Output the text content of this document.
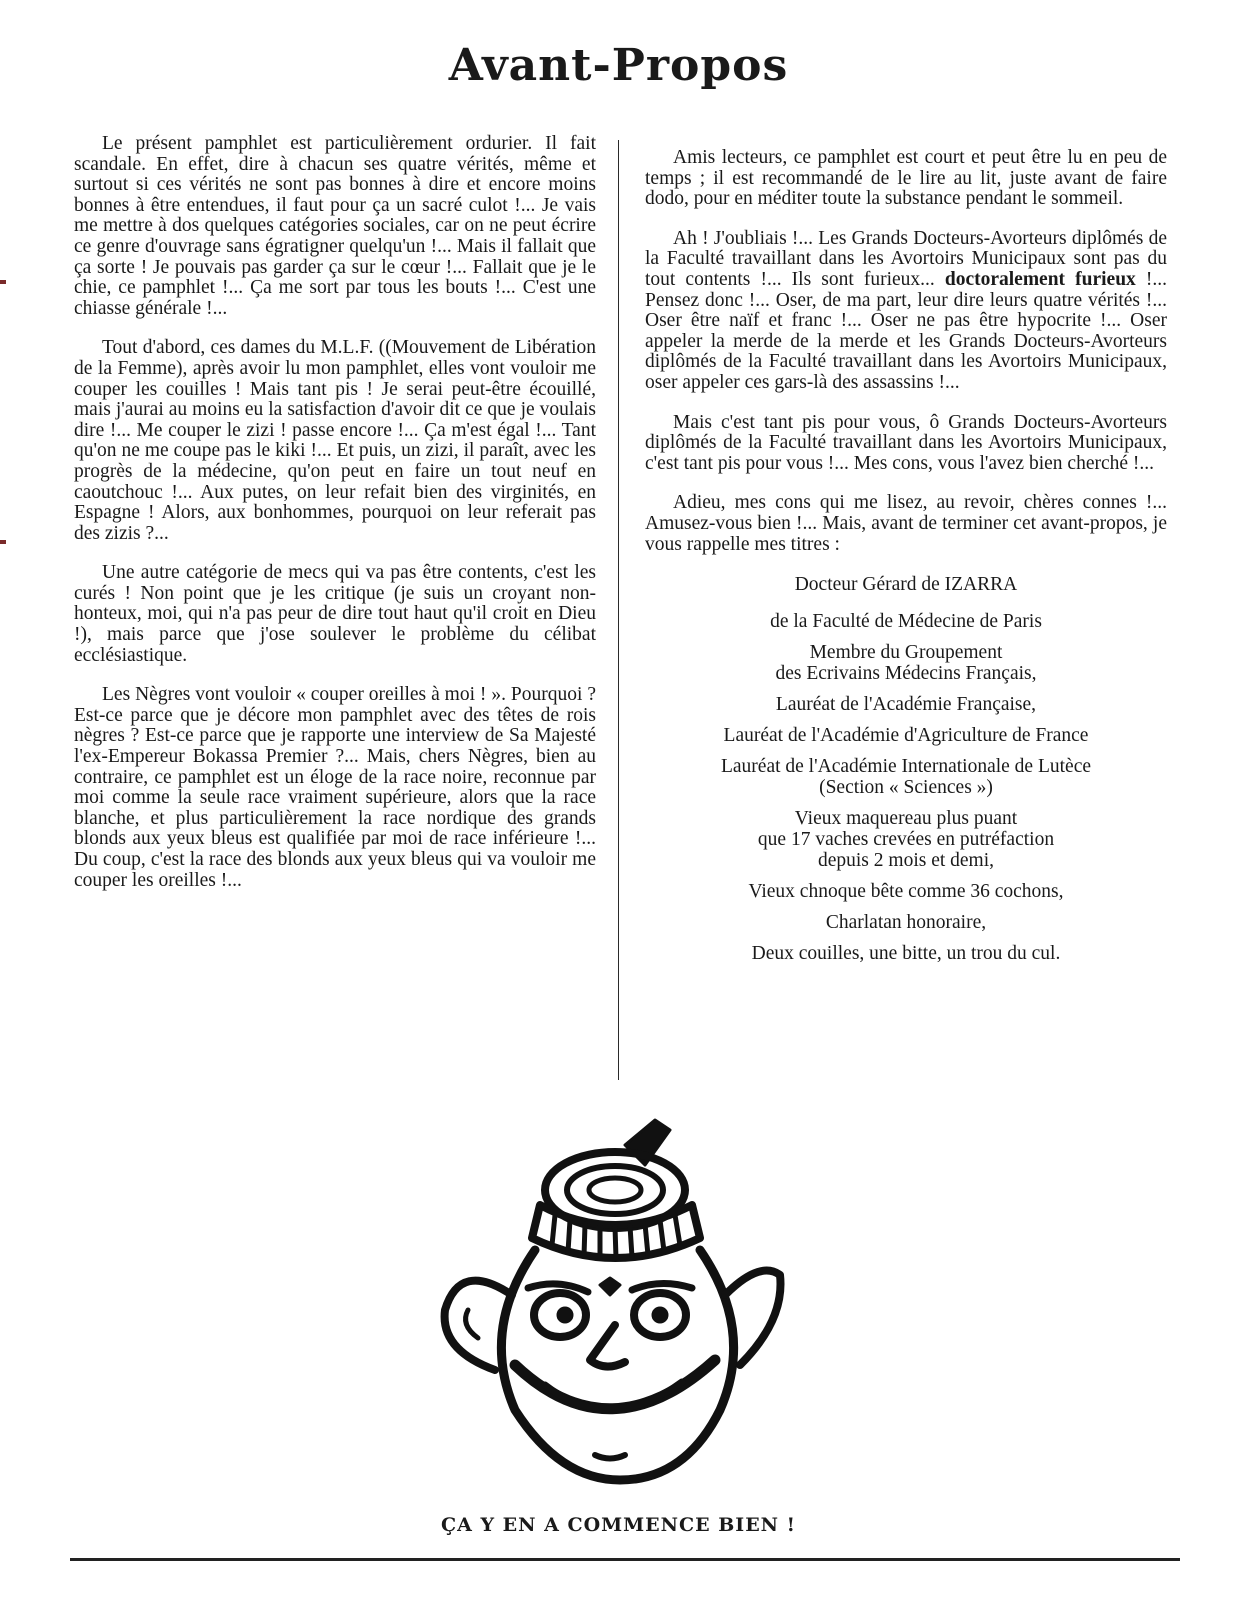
Avant-Propos

Le présent pamphlet est particulièrement ordurier. Il fait scandale. En effet, dire à chacun ses quatre vérités, même et surtout si ces vérités ne sont pas bonnes à dire et encore moins bonnes à être entendues, il faut pour ça un sacré culot !... Je vais me mettre à dos quelques catégories sociales, car on ne peut écrire ce genre d'ouvrage sans égratigner quelqu'un !... Mais il fallait que ça sorte ! Je pouvais pas garder ça sur le cœur !... Fallait que je le chie, ce pamphlet !... Ça me sort par tous les bouts !... C'est une chiasse générale !...

Tout d'abord, ces dames du M.L.F. ((Mouvement de Libération de la Femme), après avoir lu mon pamphlet, elles vont vouloir me couper les couilles ! Mais tant pis ! Je serai peut-être écouillé, mais j'aurai au moins eu la satisfaction d'avoir dit ce que je voulais dire !... Me couper le zizi ! passe encore !... Ça m'est égal !... Tant qu'on ne me coupe pas le kiki !... Et puis, un zizi, il paraît, avec les progrès de la médecine, qu'on peut en faire un tout neuf en caoutchouc !... Aux putes, on leur refait bien des virginités, en Espagne ! Alors, aux bonhommes, pourquoi on leur referait pas des zizis ?...

Une autre catégorie de mecs qui va pas être contents, c'est les curés ! Non point que je les critique (je suis un croyant non-honteux, moi, qui n'a pas peur de dire tout haut qu'il croit en Dieu !), mais parce que j'ose soulever le problème du célibat ecclésiastique.

Les Nègres vont vouloir « couper oreilles à moi ! ». Pourquoi ? Est-ce parce que je décore mon pamphlet avec des têtes de rois nègres ? Est-ce parce que je rapporte une interview de Sa Majesté l'ex-Empereur Bokassa Premier ?... Mais, chers Nègres, bien au contraire, ce pamphlet est un éloge de la race noire, reconnue par moi comme la seule race vraiment supérieure, alors que la race blanche, et plus particulièrement la race nordique des grands blonds aux yeux bleus est qualifiée par moi de race inférieure !... Du coup, c'est la race des blonds aux yeux bleus qui va vouloir me couper les oreilles !...

Amis lecteurs, ce pamphlet est court et peut être lu en peu de temps ; il est recommandé de le lire au lit, juste avant de faire dodo, pour en méditer toute la substance pendant le sommeil.

Ah ! J'oubliais !... Les Grands Docteurs-Avorteurs diplômés de la Faculté travaillant dans les Avortoirs Municipaux sont pas du tout contents !... Ils sont furieux... doctoralement furieux !... Pensez donc !... Oser, de ma part, leur dire leurs quatre vérités !... Oser être naïf et franc !... Oser ne pas être hypocrite !... Oser appeler la merde de la merde et les Grands Docteurs-Avorteurs diplômés de la Faculté travaillant dans les Avortoirs Municipaux, oser appeler ces gars-là des assassins !...

Mais c'est tant pis pour vous, ô Grands Docteurs-Avorteurs diplômés de la Faculté travaillant dans les Avortoirs Municipaux, c'est tant pis pour vous !... Mes cons, vous l'avez bien cherché !...

Adieu, mes cons qui me lisez, au revoir, chères connes !... Amusez-vous bien !... Mais, avant de terminer cet avant-propos, je vous rappelle mes titres :

Docteur Gérard de IZARRA
de la Faculté de Médecine de Paris
Membre du Groupement
des Ecrivains Médecins Français,
Lauréat de l'Académie Française,
Lauréat de l'Académie d'Agriculture de France
Lauréat de l'Académie Internationale de Lutèce
(Section « Sciences »)
Vieux maquereau plus puant
que 17 vaches crevées en putréfaction
depuis 2 mois et demi,
Vieux chnoque bête comme 36 cochons,
Charlatan honoraire,
Deux couilles, une bitte, un trou du cul.
ÇA Y EN A COMMENCE BIEN !
